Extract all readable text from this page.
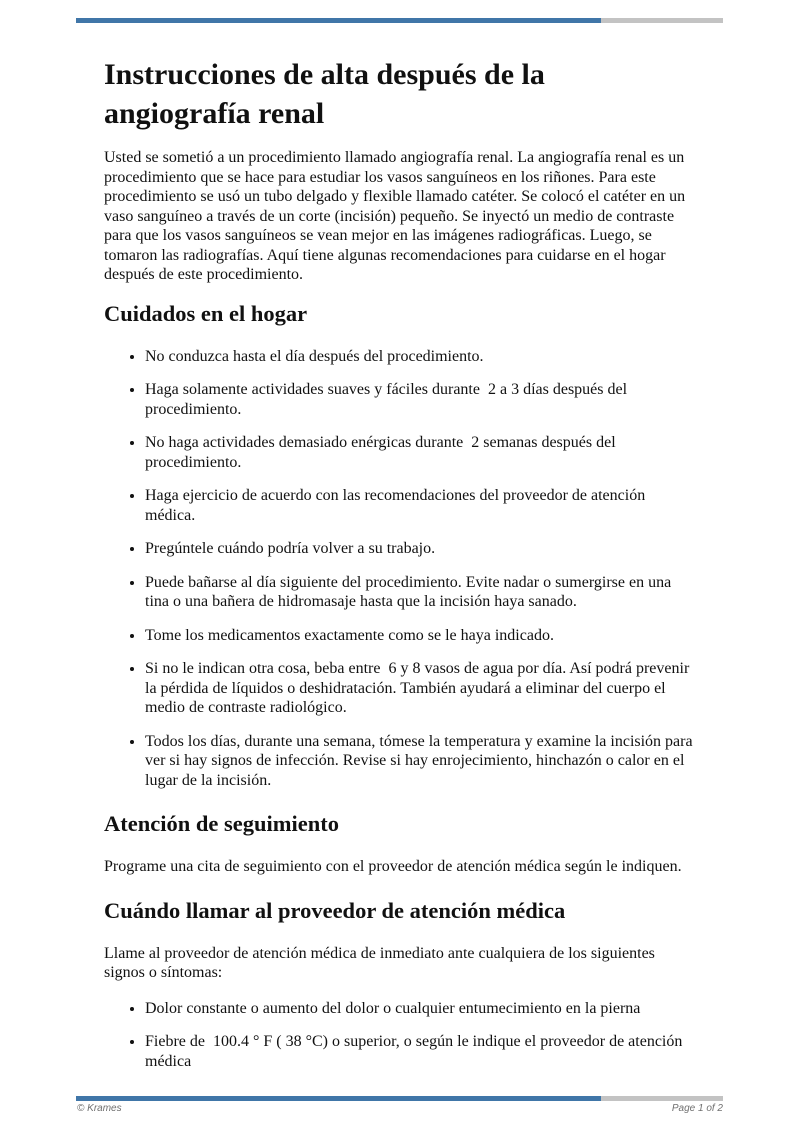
Instrucciones de alta después de la angiografía renal

Usted se sometió a un procedimiento llamado angiografía renal. La angiografía renal es un procedimiento que se hace para estudiar los vasos sanguíneos en los riñones. Para este procedimiento se usó un tubo delgado y flexible llamado catéter. Se colocó el catéter en un vaso sanguíneo a través de un corte (incisión) pequeño. Se inyectó un medio de contraste para que los vasos sanguíneos se vean mejor en las imágenes radiográficas. Luego, se tomaron las radiografías. Aquí tiene algunas recomendaciones para cuidarse en el hogar después de este procedimiento.

Cuidados en el hogar
• No conduzca hasta el día después del procedimiento.
• Haga solamente actividades suaves y fáciles durante  2 a 3 días después del procedimiento.
• No haga actividades demasiado enérgicas durante  2 semanas después del procedimiento.
• Haga ejercicio de acuerdo con las recomendaciones del proveedor de atención médica.
• Pregúntele cuándo podría volver a su trabajo.
• Puede bañarse al día siguiente del procedimiento. Evite nadar o sumergirse en una tina o una bañera de hidromasaje hasta que la incisión haya sanado.
• Tome los medicamentos exactamente como se le haya indicado.
• Si no le indican otra cosa, beba entre  6 y 8 vasos de agua por día. Así podrá prevenir la pérdida de líquidos o deshidratación. También ayudará a eliminar del cuerpo el medio de contraste radiológico.
• Todos los días, durante una semana, tómese la temperatura y examine la incisión para ver si hay signos de infección. Revise si hay enrojecimiento, hinchazón o calor en el lugar de la incisión.
Atención de seguimiento

Programe una cita de seguimiento con el proveedor de atención médica según le indiquen.

Cuándo llamar al proveedor de atención médica

Llame al proveedor de atención médica de inmediato ante cualquiera de los siguientes signos o síntomas:

• Dolor constante o aumento del dolor o cualquier entumecimiento en la pierna
• Fiebre de  100.4 ° F ( 38 °C) o superior, o según le indique el proveedor de atención médica
© Krames	Page 1 of 2
